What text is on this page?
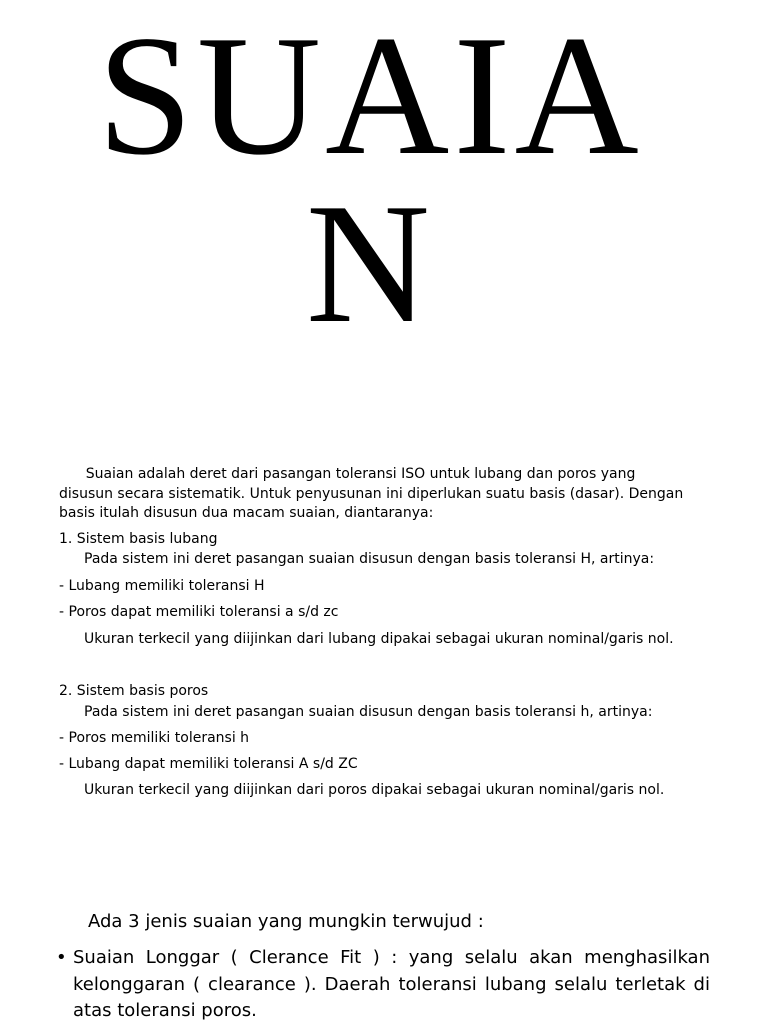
SUAIA
N
Suaian adalah deret dari pasangan toleransi ISO untuk lubang dan poros yang
disusun secara sistematik. Untuk penyusunan ini diperlukan suatu basis (dasar). Dengan
basis itulah disusun dua macam suaian, diantaranya:
1. Sistem basis lubang
Pada sistem ini deret pasangan suaian disusun dengan basis toleransi H, artinya:
- Lubang memiliki toleransi H
- Poros dapat memiliki toleransi a s/d zc
Ukuran terkecil yang diijinkan dari lubang dipakai sebagai ukuran nominal/garis nol.
2. Sistem basis poros
Pada sistem ini deret pasangan suaian disusun dengan basis toleransi h, artinya:
- Poros memiliki toleransi h
- Lubang dapat memiliki toleransi A s/d ZC
Ukuran terkecil yang diijinkan dari poros dipakai sebagai ukuran nominal/garis nol.
Ada 3 jenis suaian yang mungkin terwujud :
• Suaian Longgar ( Clerance Fit ) : yang selalu akan menghasilkan
kelonggaran ( clearance ). Daerah toleransi lubang selalu terletak di
atas toleransi poros.
